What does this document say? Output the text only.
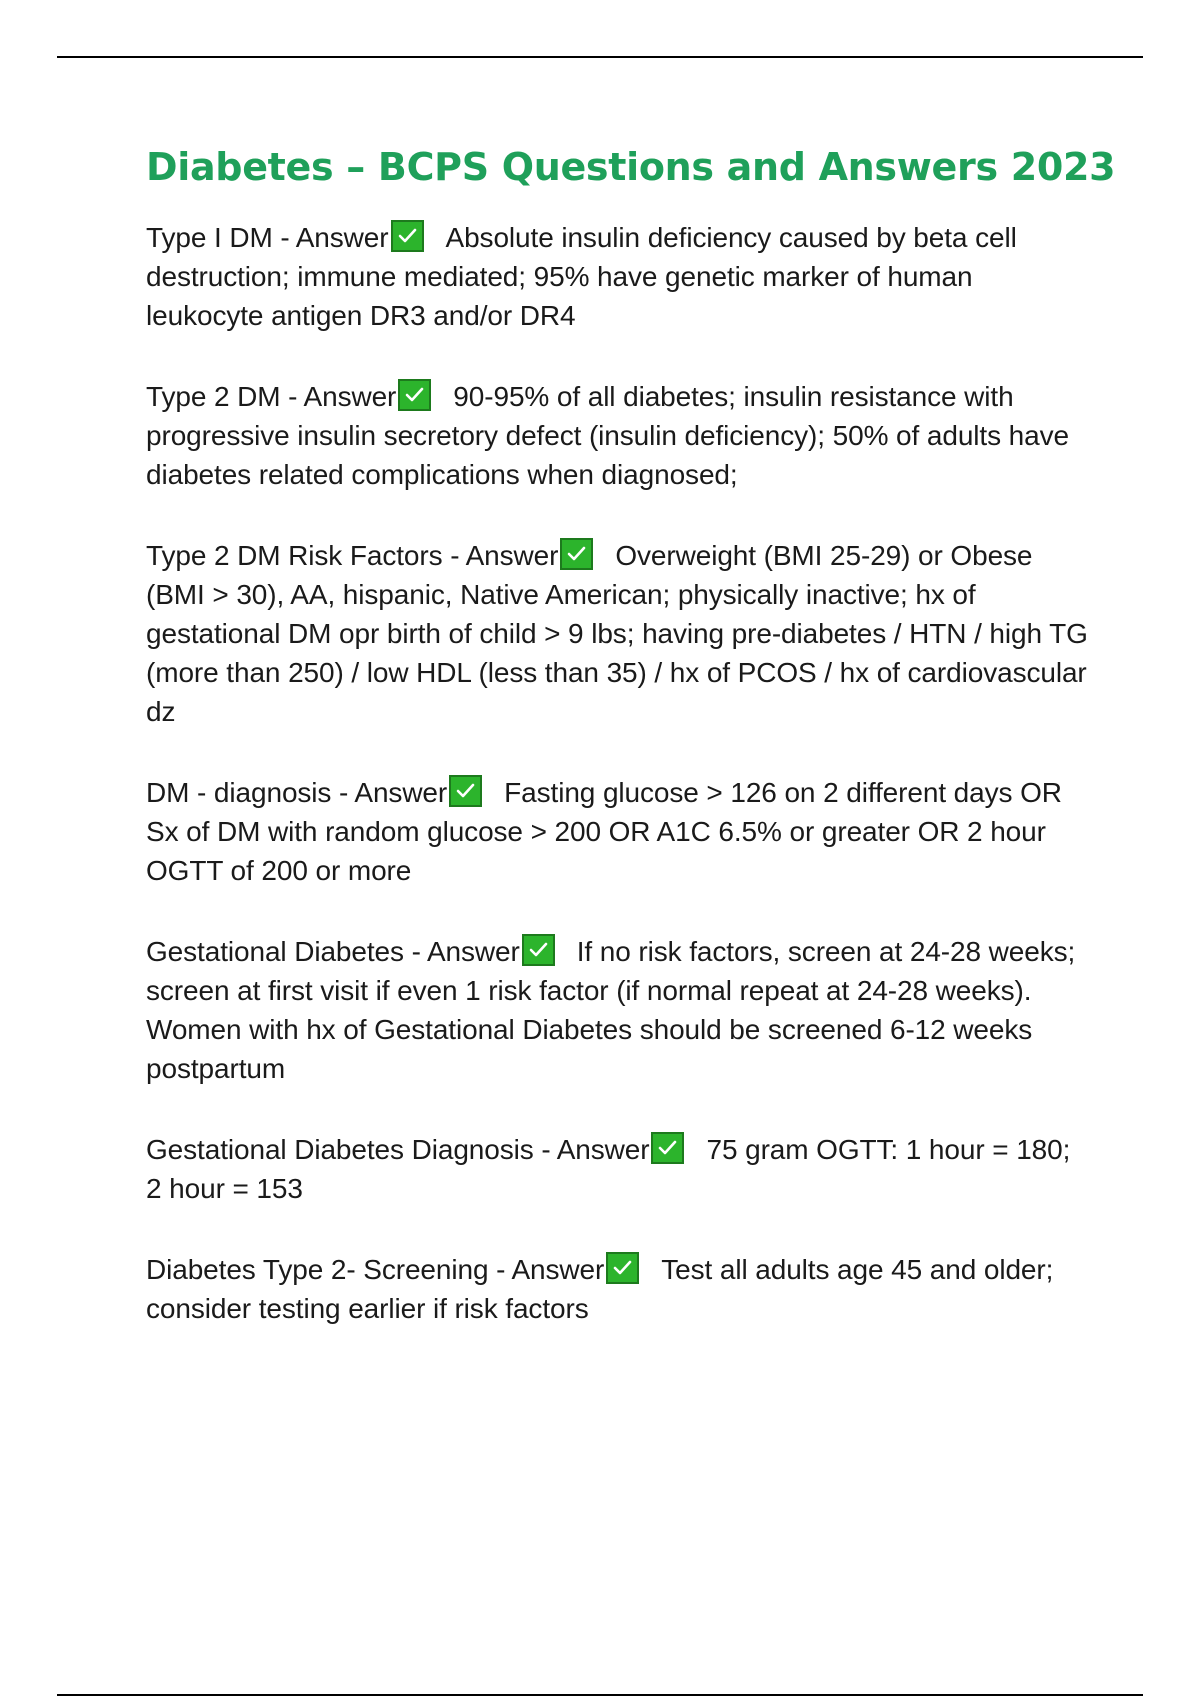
Diabetes – BCPS Questions and Answers 2023

Type I DM - Answer Absolute insulin deficiency caused by beta cell destruction; immune mediated; 95% have genetic marker of human leukocyte antigen DR3 and/or DR4

Type 2 DM - Answer 90-95% of all diabetes; insulin resistance with progressive insulin secretory defect (insulin deficiency); 50% of adults have diabetes related complications when diagnosed;

Type 2 DM Risk Factors - Answer Overweight (BMI 25-29) or Obese (BMI > 30), AA, hispanic, Native American; physically inactive; hx of gestational DM opr birth of child > 9 lbs; having pre-diabetes / HTN / high TG (more than 250) / low HDL (less than 35) / hx of PCOS / hx of cardiovascular dz

DM - diagnosis - Answer Fasting glucose > 126 on 2 different days OR Sx of DM with random glucose > 200 OR A1C 6.5% or greater OR 2 hour OGTT of 200 or more

Gestational Diabetes - Answer If no risk factors, screen at 24-28 weeks; screen at first visit if even 1 risk factor (if normal repeat at 24-28 weeks). Women with hx of Gestational Diabetes should be screened 6-12 weeks postpartum

Gestational Diabetes Diagnosis - Answer 75 gram OGTT: 1 hour = 180; 2 hour = 153

Diabetes Type 2- Screening - Answer Test all adults age 45 and older; consider testing earlier if risk factors
